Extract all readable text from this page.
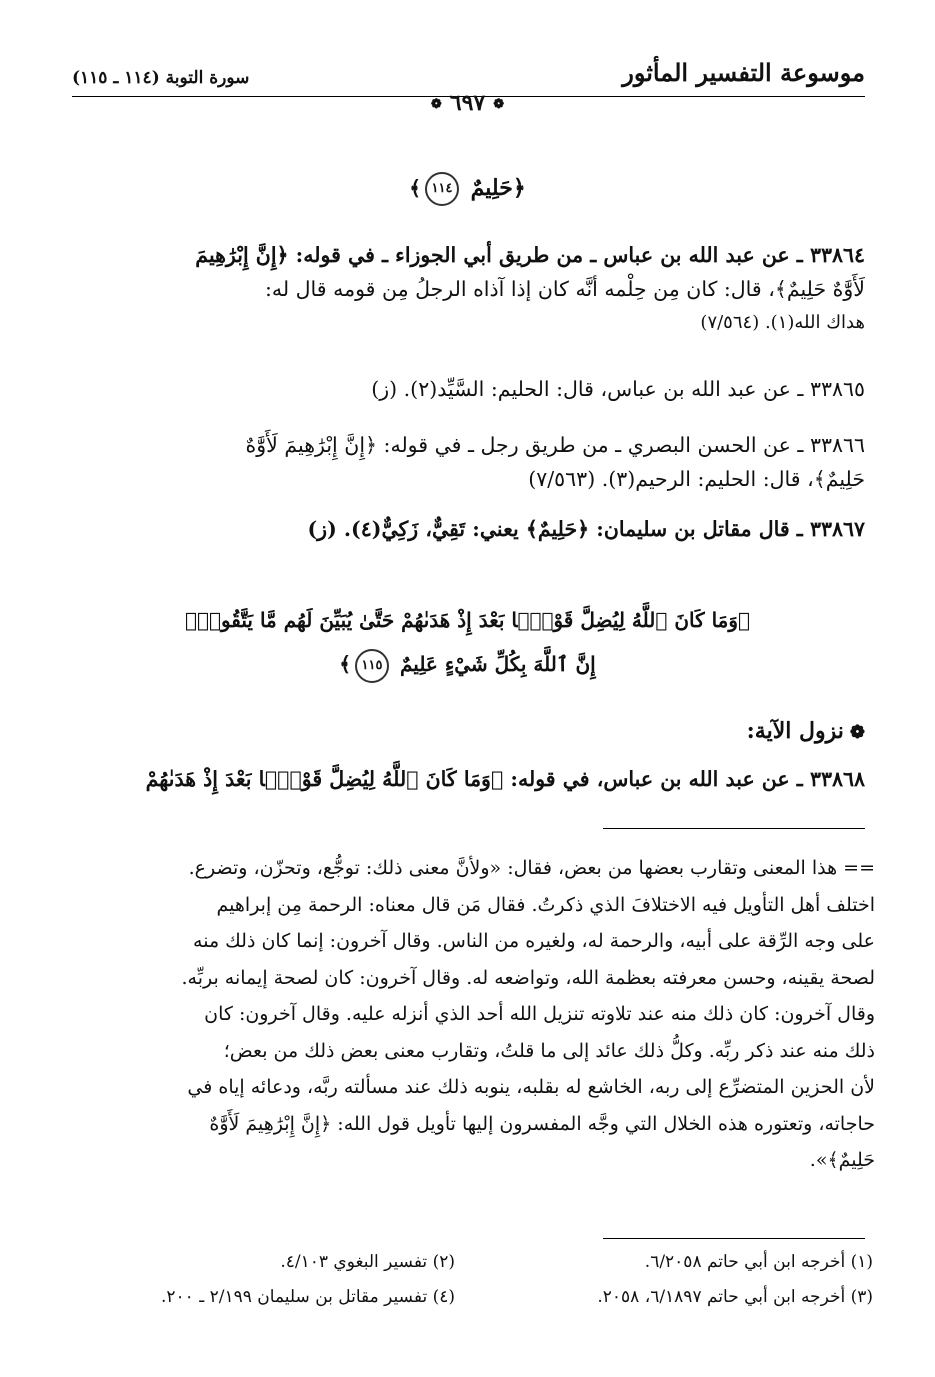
موسوعة التفسير المأثور
سورة التوبة (١١٤ ـ ١١٥)
❁٦٩٧❁
﴿حَلِيمٌ ١١٤﴾
٣٣٨٦٤ ـ عن عبد الله بن عباس ـ من طريق أبي الجوزاء ـ في قوله: ﴿إِنَّ إِبْرَٰهِيمَ
لَأَوَّٰهٌ حَلِيمٌ﴾، قال: كان مِن حِلْمه أنَّه كان إذا آذاه الرجلُ مِن قومه قال له:
هداك الله(١). (٧/٥٦٤)
٣٣٨٦٥ ـ عن عبد الله بن عباس، قال: الحليم: السَّيِّد(٢). (ز)
٣٣٨٦٦ ـ عن الحسن البصري ـ من طريق رجل ـ في قوله: ﴿إِنَّ إِبْرَٰهِيمَ لَأَوَّٰهٌ
حَلِيمٌ﴾، قال: الحليم: الرحيم(٣). (٧/٥٦٣)
٣٣٨٦٧ ـ قال مقاتل بن سليمان: ﴿حَلِيمٌ﴾ يعني: تَقِيٌّ، زَكِيٌّ(٤). (ز)
﴿وَمَا كَانَ ٱللَّهُ لِيُضِلَّ قَوْمًۢا بَعْدَ إِذْ هَدَىٰهُمْ حَتَّىٰ يُبَيِّنَ لَهُم مَّا يَتَّقُونَۚ
إِنَّ ٱللَّهَ بِكُلِّ شَيْءٍ عَلِيمٌ ١١٥﴾
❁نزول الآية:
٣٣٨٦٨ ـ عن عبد الله بن عباس، في قوله: ﴿وَمَا كَانَ ٱللَّهُ لِيُضِلَّ قَوْمًۢا بَعْدَ إِذْ هَدَىٰهُمْ
== هذا المعنى وتقارب بعضها من بعض، فقال: «ولأنَّ معنى ذلك: توجُّع، وتحزّن، وتضرع.
اختلف أهل التأويل فيه الاختلافَ الذي ذكرتُ. فقال مَن قال معناه: الرحمة مِن إبراهيم
على وجه الرِّقة على أبيه، والرحمة له، ولغيره من الناس. وقال آخرون: إنما كان ذلك منه
لصحة يقينه، وحسن معرفته بعظمة الله، وتواضعه له. وقال آخرون: كان لصحة إيمانه بربِّه.
وقال آخرون: كان ذلك منه عند تلاوته تنزيل الله أحد الذي أنزله عليه. وقال آخرون: كان
ذلك منه عند ذكر ربِّه. وكلُّ ذلك عائد إلى ما قلتُ، وتقارب معنى بعض ذلك من بعض؛
لأن الحزين المتضرِّع إلى ربه، الخاشع له بقلبه، ينوبه ذلك عند مسألته ربَّه، ودعائه إياه في
حاجاته، وتعتوره هذه الخلال التي وجَّه المفسرون إليها تأويل قول الله: ﴿إِنَّ إِبْرَٰهِيمَ لَأَوَّٰهٌ
حَلِيمٌ﴾».
(١) أخرجه ابن أبي حاتم ٦/٢٠٥٨.
(٢) تفسير البغوي ٤/١٠٣.
(٣) أخرجه ابن أبي حاتم ٦/١٨٩٧، ٢٠٥٨.
(٤) تفسير مقاتل بن سليمان ٢/١٩٩ ـ ٢٠٠.
